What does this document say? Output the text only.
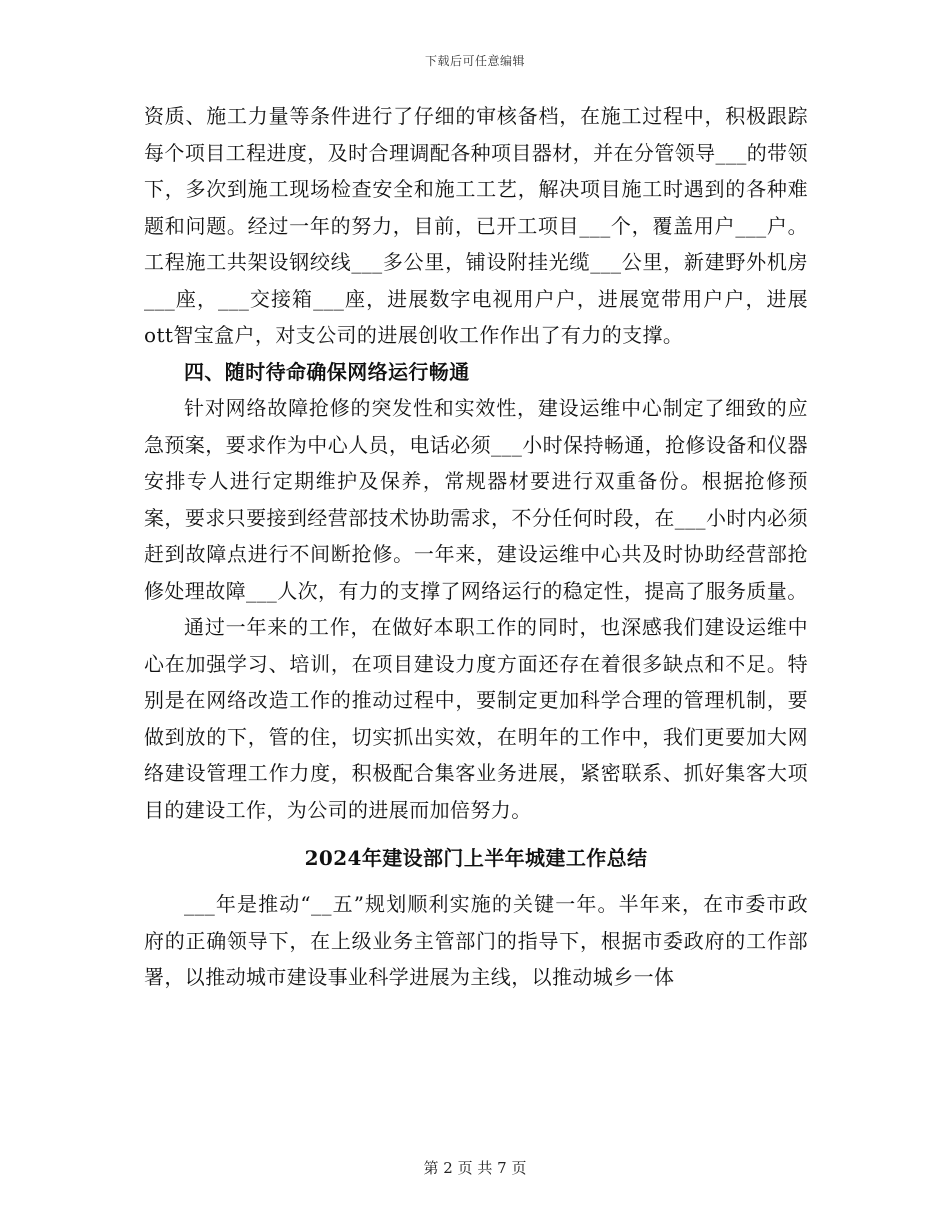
下载后可任意编辑

资质、施工力量等条件进行了仔细的审核备档，在施工过程中，积极跟踪每个项目工程进度，及时合理调配各种项目器材，并在分管领导___的带领下，多次到施工现场检查安全和施工工艺，解决项目施工时遇到的各种难题和问题。经过一年的努力，目前，已开工项目___个，覆盖用户___户。工程施工共架设钢绞线___多公里，铺设附挂光缆___公里，新建野外机房___座，___交接箱___座，进展数字电视用户户，进展宽带用户户，进展ott智宝盒户，对支公司的进展创收工作作出了有力的支撑。

四、随时待命确保网络运行畅通

针对网络故障抢修的突发性和实效性，建设运维中心制定了细致的应急预案，要求作为中心人员，电话必须___小时保持畅通，抢修设备和仪器安排专人进行定期维护及保养，常规器材要进行双重备份。根据抢修预案，要求只要接到经营部技术协助需求，不分任何时段，在___小时内必须赶到故障点进行不间断抢修。一年来，建设运维中心共及时协助经营部抢修处理故障___人次，有力的支撑了网络运行的稳定性，提高了服务质量。

通过一年来的工作，在做好本职工作的同时，也深感我们建设运维中心在加强学习、培训，在项目建设力度方面还存在着很多缺点和不足。特别是在网络改造工作的推动过程中，要制定更加科学合理的管理机制，要做到放的下，管的住，切实抓出实效，在明年的工作中，我们更要加大网络建设管理工作力度，积极配合集客业务进展，紧密联系、抓好集客大项目的建设工作，为公司的进展而加倍努力。

2024年建设部门上半年城建工作总结

___年是推动“__五”规划顺利实施的关键一年。半年来，在市委市政府的正确领导下，在上级业务主管部门的指导下，根据市委政府的工作部署，以推动城市建设事业科学进展为主线，以推动城乡一体

第 2 页 共 7 页
